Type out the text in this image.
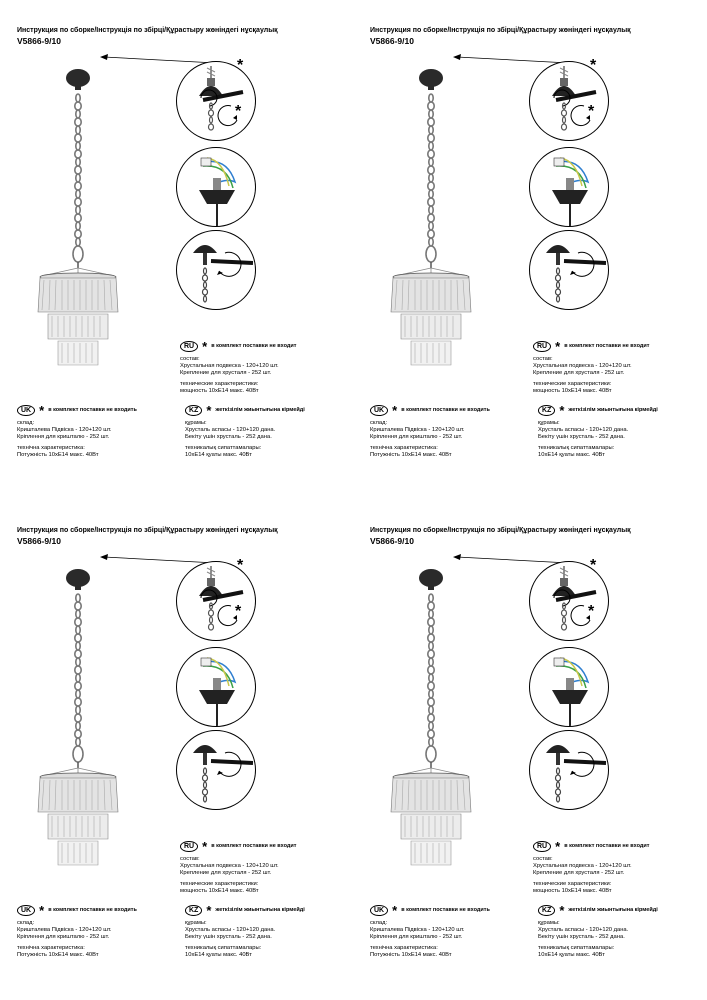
Инструкция по сборке/Інструкція по збірці/Құрастыру жөніндегі нұсқаулық
V5866-9/10
*
*
RU * в комплект поставки не входит
состав:
Хрустальная подвеска - 120+120 шт.
Крепление для хрусталя - 252 шт.
технические характеристики:
мощность 10xE14 макс. 40Вт
UK * в комплект поставки не входить
склад:
Кришталева Підвіска - 120+120 шт.
Кріплення для кришталю - 252 шт.
технічна характеристика:
Потужність 10xE14 макс. 40Вт
KZ * жеткізілім жиынтығына кірмейді
құрамы:
Хрусталь аспасы - 120+120 дана.
Бекіту үшін хрусталь - 252 дана.
техникалық сипаттамалары:
10xE14 қуаты макс. 40Вт
Инструкция по сборке/Інструкція по збірці/Құрастыру жөніндегі нұсқаулық
V5866-9/10
*
*
RU * в комплект поставки не входит
состав:
Хрустальная подвеска - 120+120 шт.
Крепление для хрусталя - 252 шт.
технические характеристики:
мощность 10xE14 макс. 40Вт
UK * в комплект поставки не входить
склад:
Кришталева Підвіска - 120+120 шт.
Кріплення для кришталю - 252 шт.
технічна характеристика:
Потужність 10xE14 макс. 40Вт
KZ * жеткізілім жиынтығына кірмейді
құрамы:
Хрусталь аспасы - 120+120 дана.
Бекіту үшін хрусталь - 252 дана.
техникалық сипаттамалары:
10xE14 қуаты макс. 40Вт
Инструкция по сборке/Інструкція по збірці/Құрастыру жөніндегі нұсқаулық
V5866-9/10
*
*
RU * в комплект поставки не входит
состав:
Хрустальная подвеска - 120+120 шт.
Крепление для хрусталя - 252 шт.
технические характеристики:
мощность 10xE14 макс. 40Вт
UK * в комплект поставки не входить
склад:
Кришталева Підвіска - 120+120 шт.
Кріплення для кришталю - 252 шт.
технічна характеристика:
Потужність 10xE14 макс. 40Вт
KZ * жеткізілім жиынтығына кірмейді
құрамы:
Хрусталь аспасы - 120+120 дана.
Бекіту үшін хрусталь - 252 дана.
техникалық сипаттамалары:
10xE14 қуаты макс. 40Вт
Инструкция по сборке/Інструкція по збірці/Құрастыру жөніндегі нұсқаулық
V5866-9/10
*
*
RU * в комплект поставки не входит
состав:
Хрустальная подвеска - 120+120 шт.
Крепление для хрусталя - 252 шт.
технические характеристики:
мощность 10xE14 макс. 40Вт
UK * в комплект поставки не входить
склад:
Кришталева Підвіска - 120+120 шт.
Кріплення для кришталю - 252 шт.
технічна характеристика:
Потужність 10xE14 макс. 40Вт
KZ * жеткізілім жиынтығына кірмейді
құрамы:
Хрусталь аспасы - 120+120 дана.
Бекіту үшін хрусталь - 252 дана.
техникалық сипаттамалары:
10xE14 қуаты макс. 40Вт
